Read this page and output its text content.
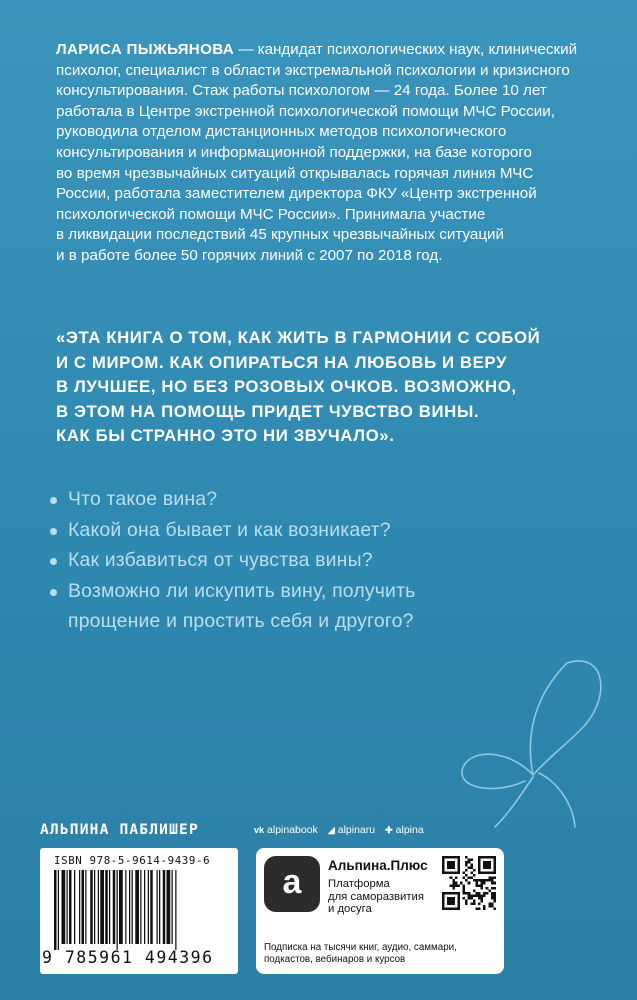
ЛАРИСА ПЫЖЬЯНОВА — кандидат психологических наук, клинический
психолог, специалист в области экстремальной психологии и кризисного
консультирования. Стаж работы психологом — 24 года. Более 10 лет
работала в Центре экстренной психологической помощи МЧС России,
руководила отделом дистанционных методов психологического
консультирования и информационной поддержки, на базе которого
во время чрезвычайных ситуаций открывалась горячая линия МЧС
России, работала заместителем директора ФКУ «Центр экстренной
психологической помощи МЧС России». Принимала участие
в ликвидации последствий 45 крупных чрезвычайных ситуаций
и в работе более 50 горячих линий с 2007 по 2018 год.
«ЭТА КНИГА О ТОМ, КАК ЖИТЬ В ГАРМОНИИ С СОБОЙ
И С МИРОМ. КАК ОПИРАТЬСЯ НА ЛЮБОВЬ И ВЕРУ
В ЛУЧШЕЕ, НО БЕЗ РОЗОВЫХ ОЧКОВ. ВОЗМОЖНО,
В ЭТОМ НА ПОМОЩЬ ПРИДЕТ ЧУВСТВО ВИНЫ.
КАК БЫ СТРАННО ЭТО НИ ЗВУЧАЛО».
Что такое вина?
Какой она бывает и как возникает?
Как избавиться от чувства вины?
Возможно ли искупить вину, получить
прощение и простить себя и другого?
АЛЬПИНА ПАБЛИШЕР	vk alpinabook ◢ alpinaru ✚ alpina
ISBN 978-5-9614-9439-6
9 785961 494396
a Альпина.Плюс
Платформа
для саморазвития
и досуга
Подписка на тысячи книг, аудио, саммари,
подкастов, вебинаров и курсов
